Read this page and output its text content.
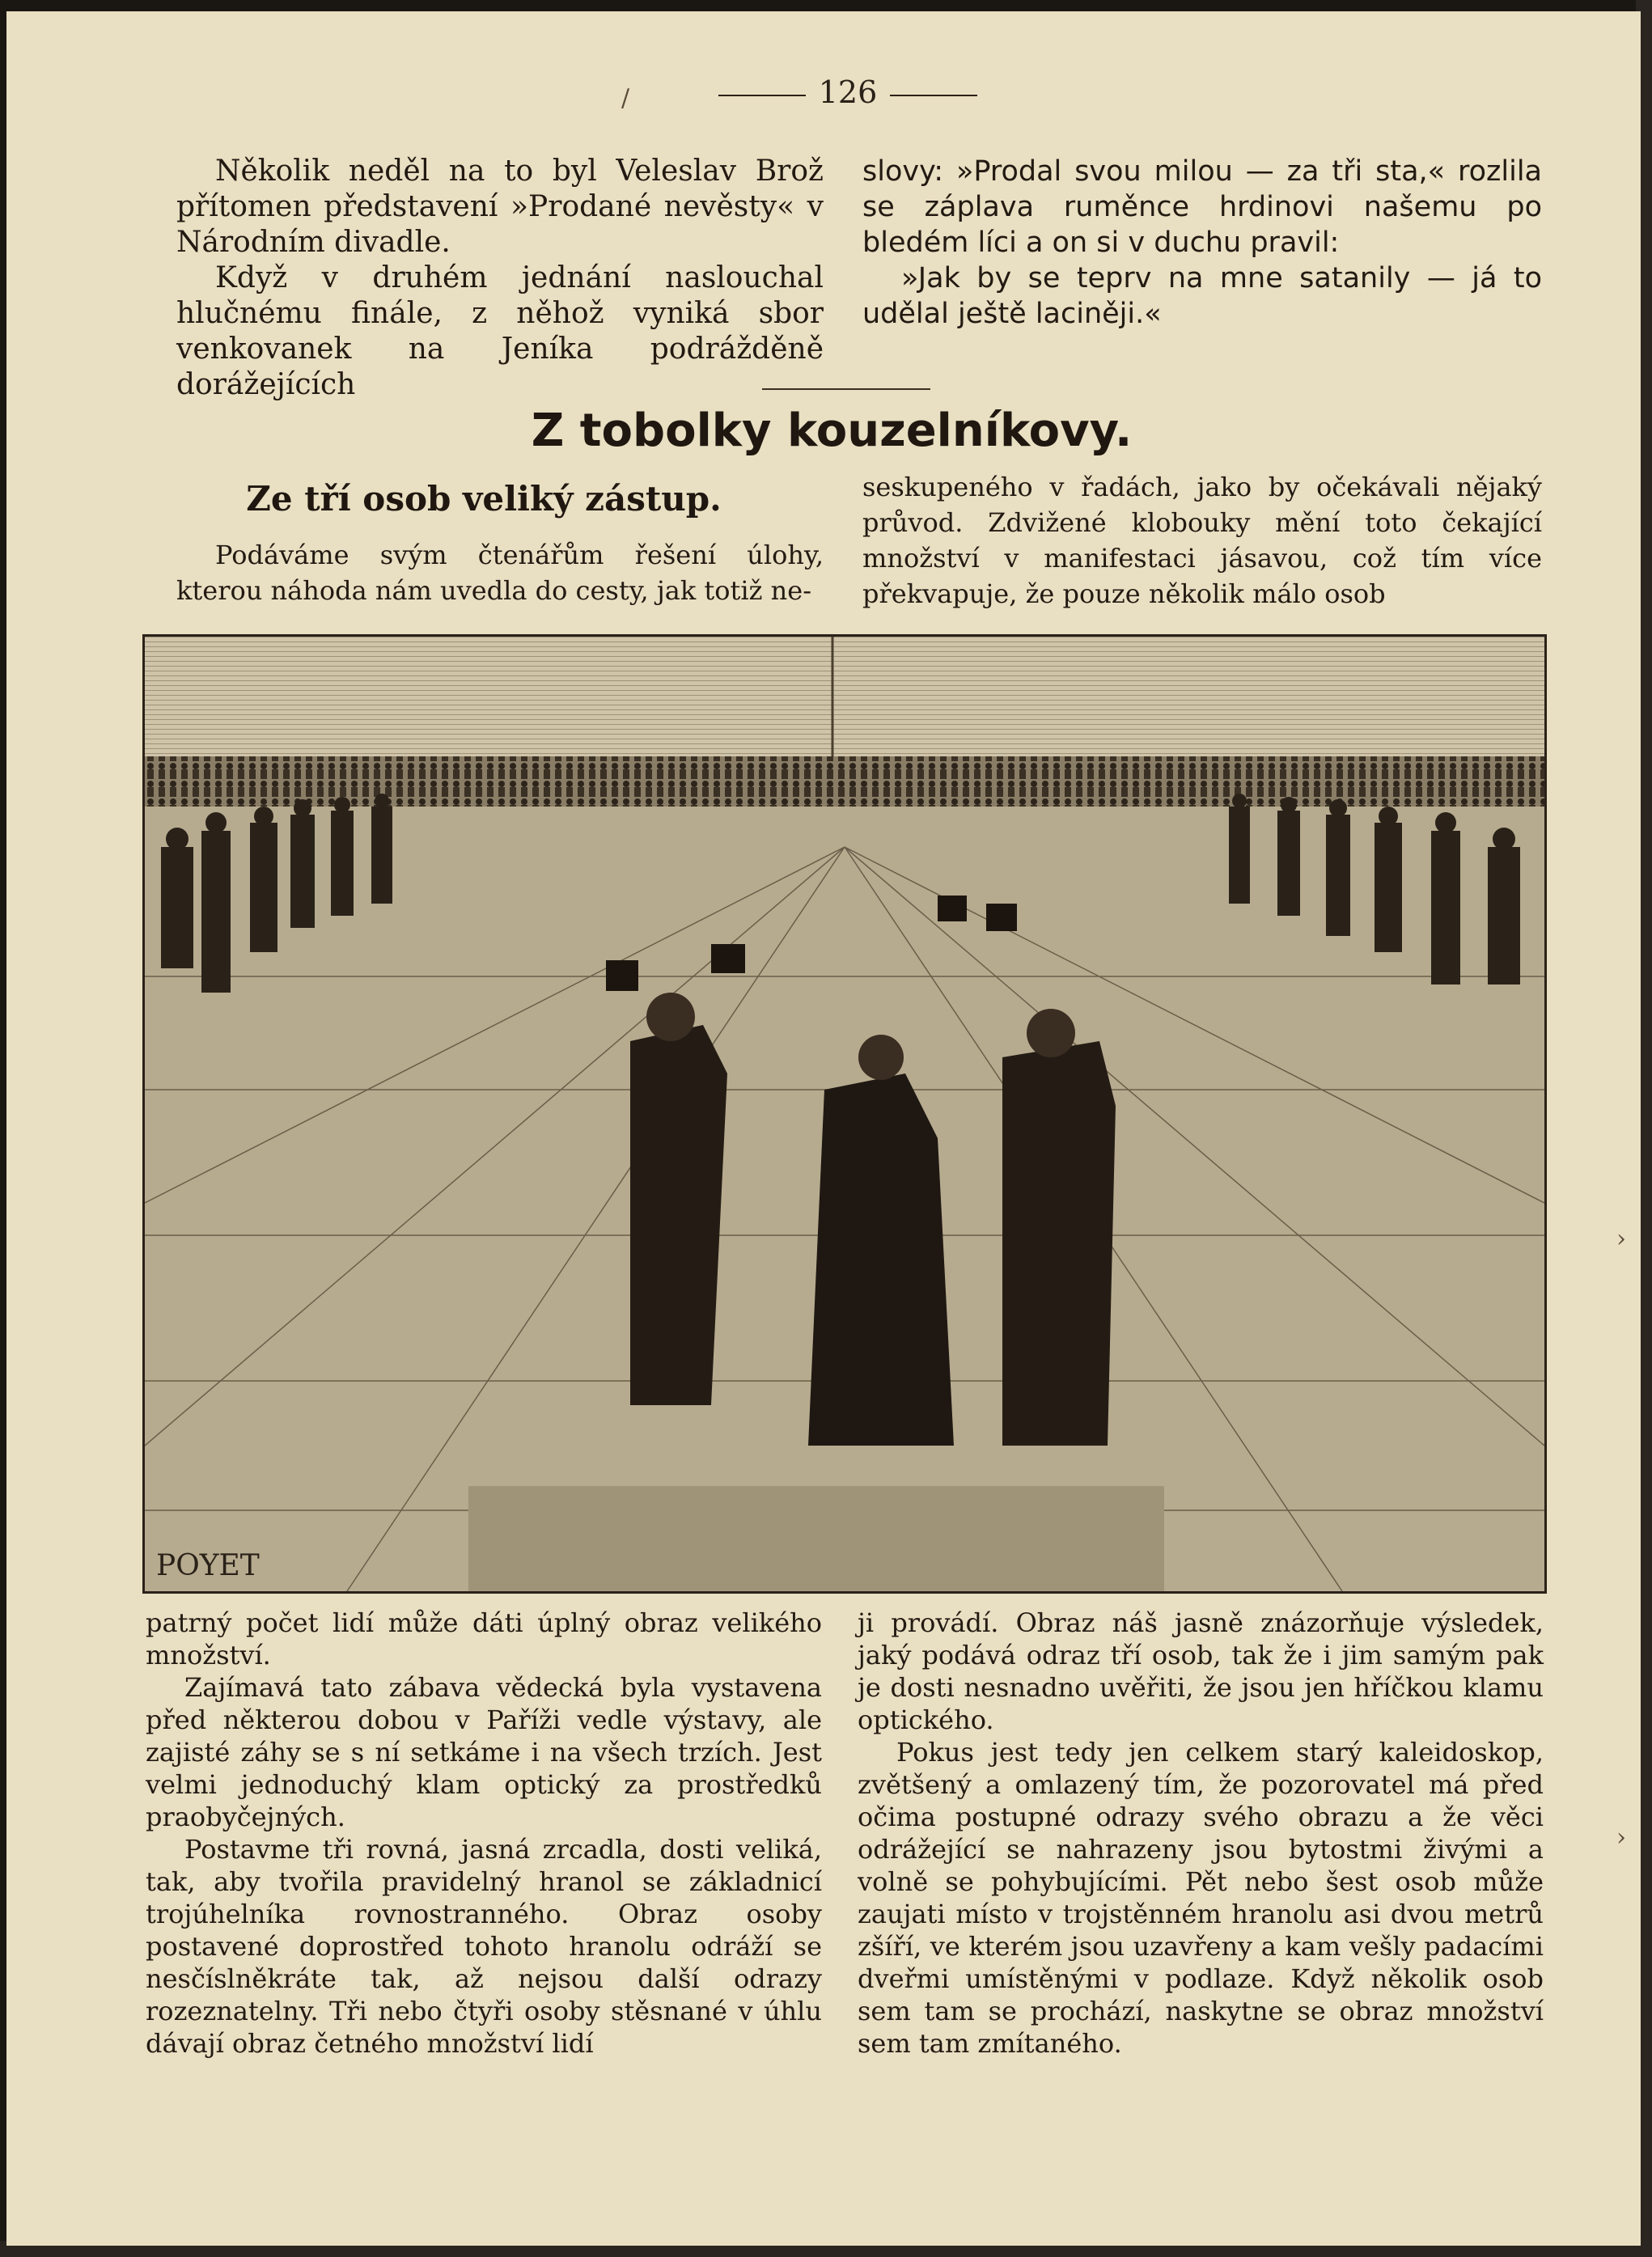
126

Několik neděl na to byl Veleslav Brož přítomen představení »Prodané nevěsty« v Národním divadle.

Když v druhém jednání naslouchal hlučnému finále, z něhož vyniká sbor venkovanek na Jeníka podrážděně dorážejících

slovy: »Prodal svou milou — za tři sta,« rozlila se záplava ruměnce hrdinovi našemu po bledém líci a on si v duchu pravil:

»Jak by se teprv na mne satanily — já to udělal ještě laciněji.«

Z tobolky kouzelníkovy.
Ze tří osob veliký zástup.

Podáváme svým čtenářům řešení úlohy, kterou náhoda nám uvedla do cesty, jak totiž ne-

seskupeného v řadách, jako by očekávali nějaký průvod. Zdvižené klobouky mění toto čekající množství v manifestaci jásavou, což tím více překvapuje, že pouze několik málo osob

POYET

patrný počet lidí může dáti úplný obraz velikého množství.

Zajímavá tato zábava vědecká byla vystavena před některou dobou v Paříži vedle výstavy, ale zajisté záhy se s ní setkáme i na všech trzích. Jest velmi jednoduchý klam optický za prostředků praobyčejných.

Postavme tři rovná, jasná zrcadla, dosti veliká, tak, aby tvořila pravidelný hranol se základnicí trojúhelníka rovnostranného. Obraz osoby postavené doprostřed tohoto hranolu odráží se nesčíslněkráte tak, až nejsou další odrazy rozeznatelny. Tři nebo čtyři osoby stěsnané v úhlu dávají obraz četného množství lidí

ji provádí. Obraz náš jasně znázorňuje výsledek, jaký podává odraz tří osob, tak že i jim samým pak je dosti nesnadno uvěřiti, že jsou jen hříčkou klamu optického.

Pokus jest tedy jen celkem starý kaleidoskop, zvětšený a omlazený tím, že pozorovatel má před očima postupné odrazy svého obrazu a že věci odrážející se nahrazeny jsou bytostmi živými a volně se pohybujícími. Pět nebo šest osob může zaujati místo v trojstěnném hranolu asi dvou metrů zšíří, ve kterém jsou uzavřeny a kam vešly padacími dveřmi umístěnými v podlaze. Když několik osob sem tam se prochází, naskytne se obraz množství sem tam zmítaného.

/
›
›
